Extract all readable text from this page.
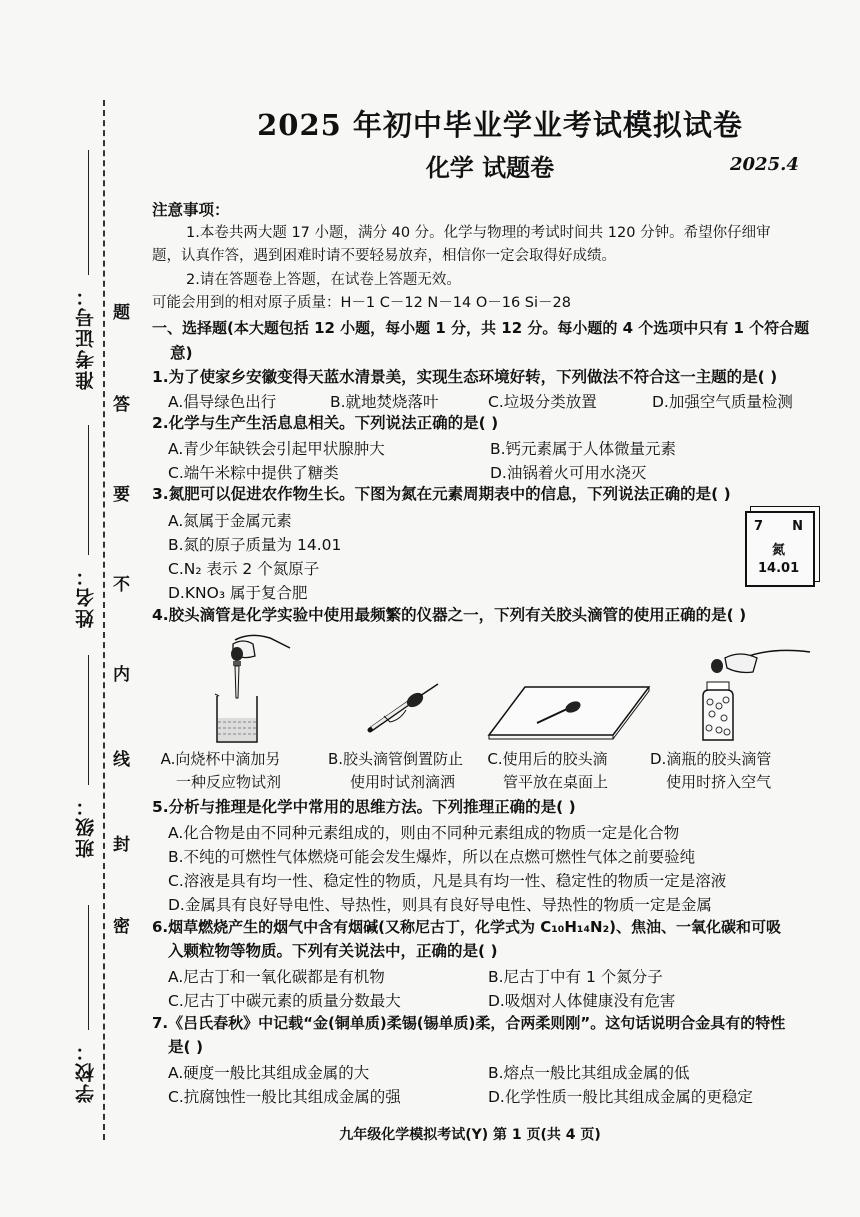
准考证号：
姓名：
班级：
学校：
题
答
要
不
内
线
封
密
2025 年初中毕业学业考试模拟试卷
化学 试题卷	2025.4
注意事项：
1.本卷共两大题 17 小题，满分 40 分。化学与物理的考试时间共 120 分钟。希望你仔细审
题，认真作答，遇到困难时请不要轻易放弃，相信你一定会取得好成绩。
2.请在答题卷上答题，在试卷上答题无效。
可能会用到的相对原子质量：H－1 C－12 N－14 O－16 Si－28
一、选择题(本大题包括 12 小题，每小题 1 分，共 12 分。每小题的 4 个选项中只有 1 个符合题
意)
1.为了使家乡安徽变得天蓝水清景美，实现生态环境好转，下列做法不符合这一主题的是( )
A.倡导绿色出行	B.就地焚烧落叶	C.垃圾分类放置	D.加强空气质量检测
2.化学与生产生活息息相关。下列说法正确的是( )
A.青少年缺铁会引起甲状腺肿大	B.钙元素属于人体微量元素
C.端午米粽中提供了糖类	D.油锅着火可用水浇灭
3.氮肥可以促进农作物生长。下图为氮在元素周期表中的信息，下列说法正确的是( )
A.氮属于金属元素
B.氮的原子质量为 14.01
C.N₂ 表示 2 个氮原子
D.KNO₃ 属于复合肥
7 N
氮
14.01
4.胶头滴管是化学实验中使用最频繁的仪器之一，下列有关胶头滴管的使用正确的是( )
A.向烧杯中滴加另
一种反应物试剂
B.胶头滴管倒置防止
使用时试剂滴洒
C.使用后的胶头滴
管平放在桌面上
D.滴瓶的胶头滴管
使用时挤入空气
5.分析与推理是化学中常用的思维方法。下列推理正确的是( )
A.化合物是由不同种元素组成的，则由不同种元素组成的物质一定是化合物
B.不纯的可燃性气体燃烧可能会发生爆炸，所以在点燃可燃性气体之前要验纯
C.溶液是具有均一性、稳定性的物质，凡是具有均一性、稳定性的物质一定是溶液
D.金属具有良好导电性、导热性，则具有良好导电性、导热性的物质一定是金属
6.烟草燃烧产生的烟气中含有烟碱(又称尼古丁，化学式为 C₁₀H₁₄N₂)、焦油、一氧化碳和可吸
入颗粒物等物质。下列有关说法中，正确的是( )
A.尼古丁和一氧化碳都是有机物	B.尼古丁中有 1 个氮分子
C.尼古丁中碳元素的质量分数最大	D.吸烟对人体健康没有危害
7.《吕氏春秋》中记载“金(铜单质)柔锡(锡单质)柔，合两柔则刚”。这句话说明合金具有的特性
是( )
A.硬度一般比其组成金属的大	B.熔点一般比其组成金属的低
C.抗腐蚀性一般比其组成金属的强	D.化学性质一般比其组成金属的更稳定
九年级化学模拟考试(Y) 第 1 页(共 4 页)
